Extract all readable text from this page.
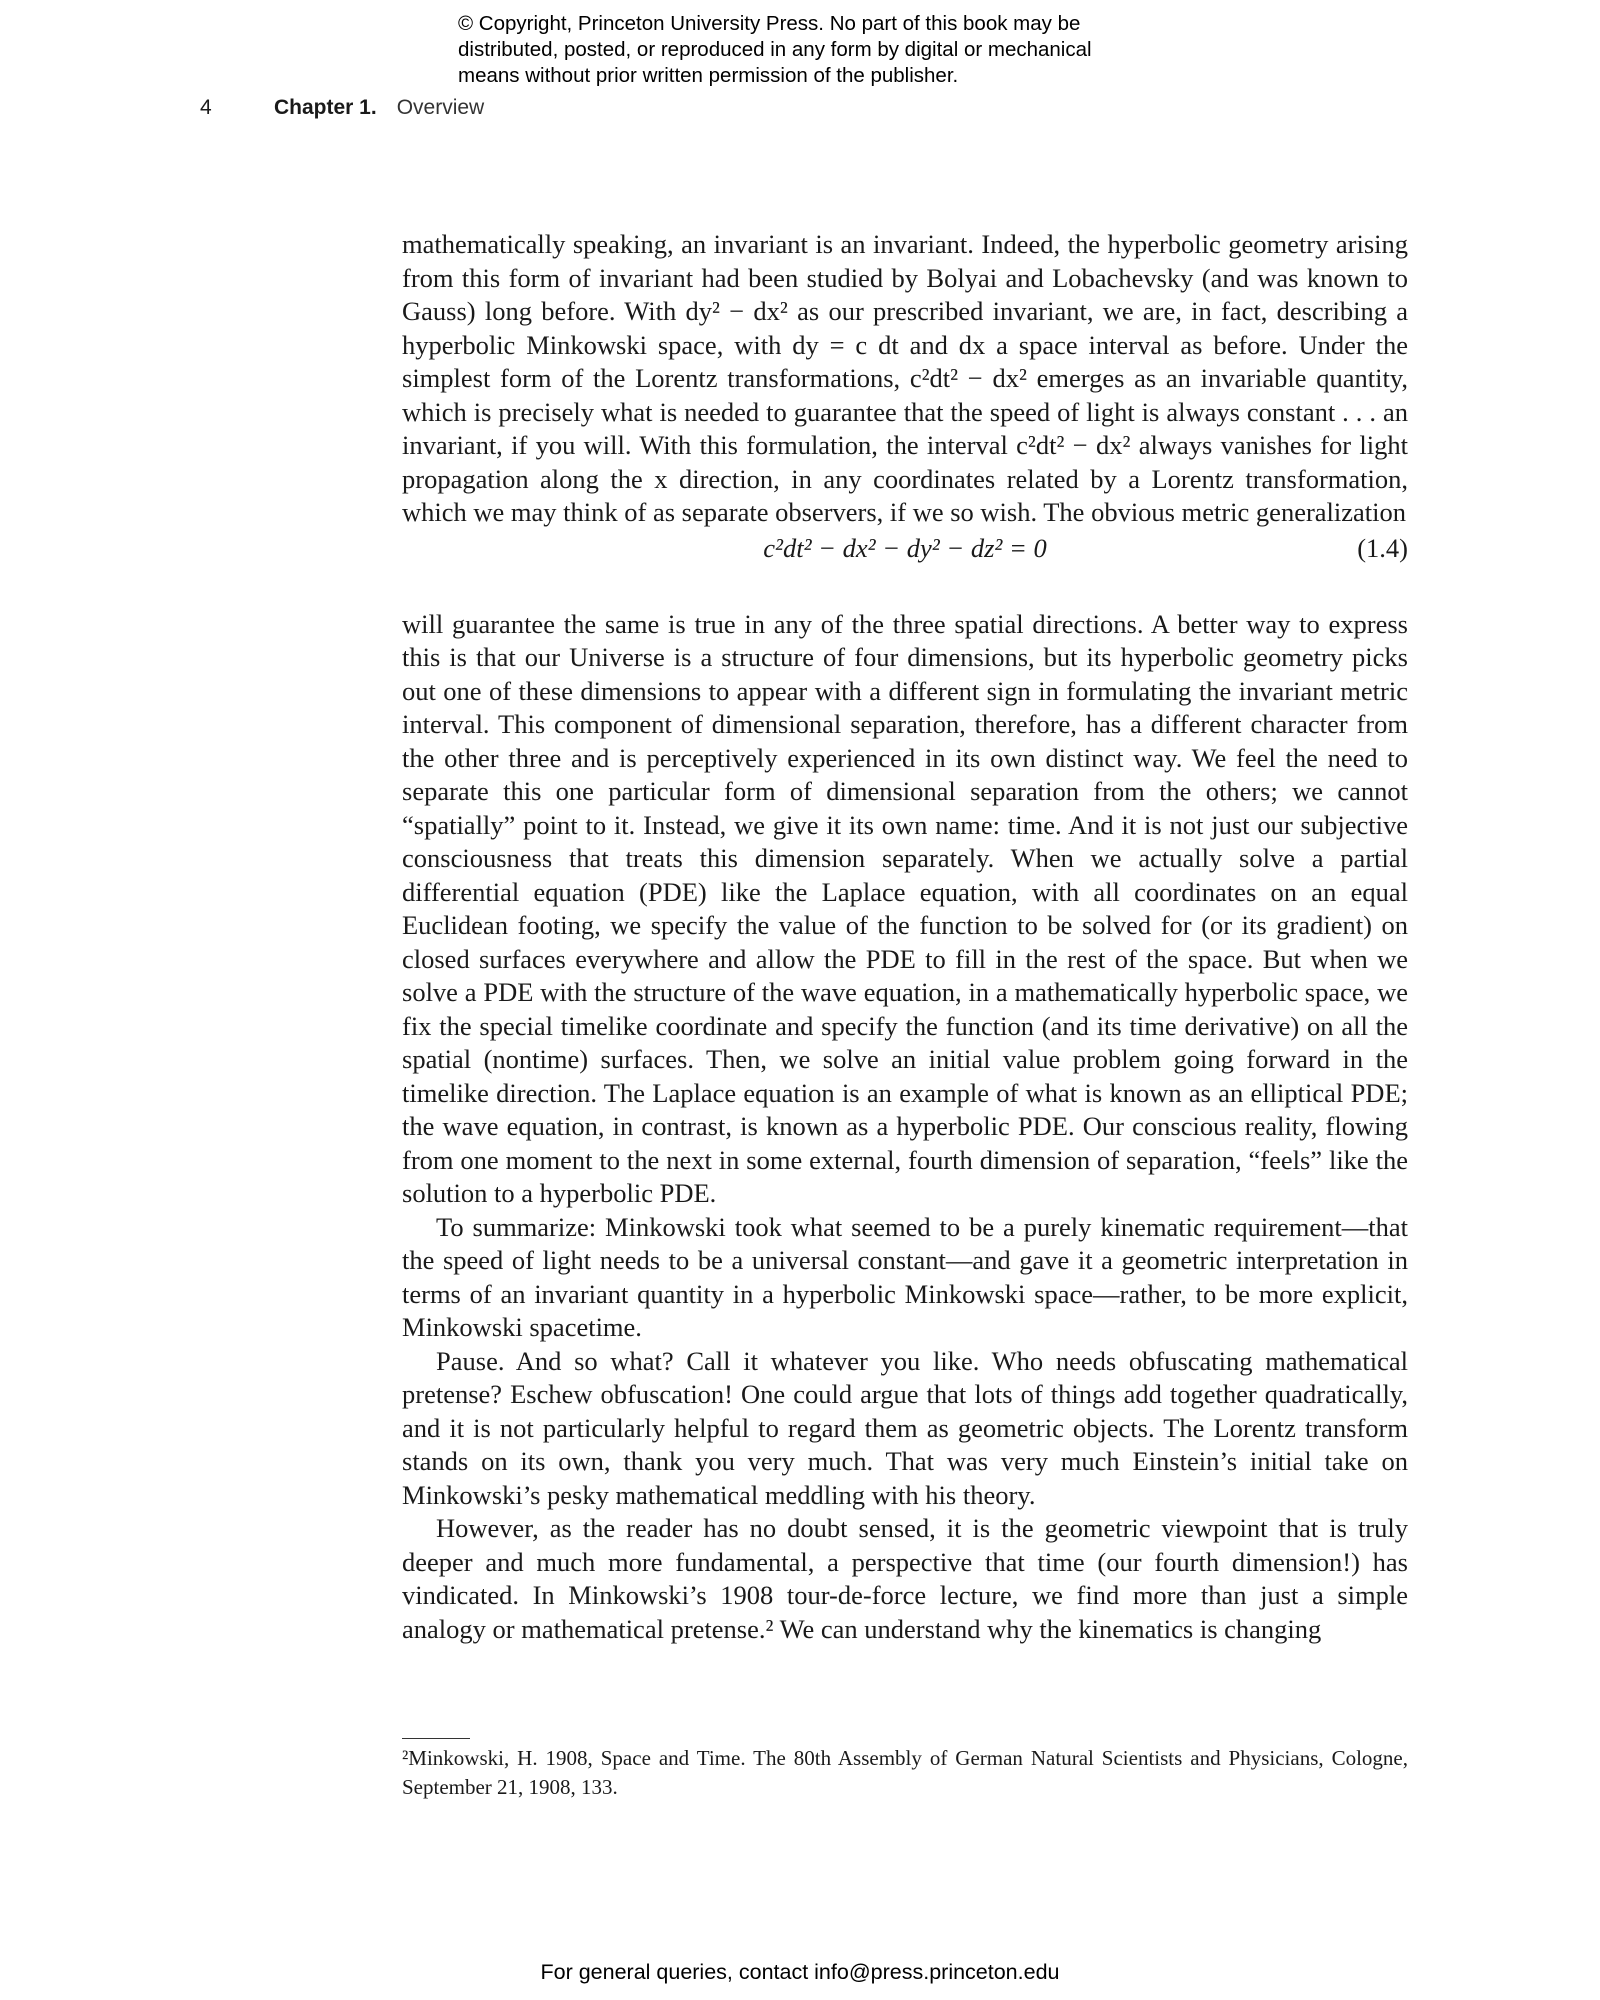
© Copyright, Princeton University Press. No part of this book may be
distributed, posted, or reproduced in any form by digital or mechanical
means without prior written permission of the publisher.
4	Chapter 1. Overview

mathematically speaking, an invariant is an invariant. Indeed, the hyperbolic geometry arising from this form of invariant had been studied by Bolyai and Lobachevsky (and was known to Gauss) long before. With dy² − dx² as our prescribed invariant, we are, in fact, describing a hyperbolic Minkowski space, with dy = c dt and dx a space interval as before. Under the simplest form of the Lorentz transformations, c²dt² − dx² emerges as an invariable quantity, which is precisely what is needed to guarantee that the speed of light is always constant . . . an invariant, if you will. With this formulation, the interval c²dt² − dx² always vanishes for light propagation along the x direction, in any coordinates related by a Lorentz transformation, which we may think of as separate observers, if we so wish. The obvious metric generalization

c²dt² − dx² − dy² − dz² = 0	(1.4)

will guarantee the same is true in any of the three spatial directions. A better way to express this is that our Universe is a structure of four dimensions, but its hyperbolic geometry picks out one of these dimensions to appear with a different sign in formulating the invariant metric interval. This component of dimensional separation, therefore, has a different character from the other three and is perceptively experienced in its own distinct way. We feel the need to separate this one particular form of dimensional separation from the others; we cannot “spatially” point to it. Instead, we give it its own name: time. And it is not just our subjective consciousness that treats this dimension separately. When we actually solve a partial differential equation (PDE) like the Laplace equation, with all coordinates on an equal Euclidean footing, we specify the value of the function to be solved for (or its gradient) on closed surfaces everywhere and allow the PDE to fill in the rest of the space. But when we solve a PDE with the structure of the wave equation, in a mathematically hyperbolic space, we fix the special timelike coordinate and specify the function (and its time derivative) on all the spatial (nontime) surfaces. Then, we solve an initial value problem going forward in the timelike direction. The Laplace equation is an example of what is known as an elliptical PDE; the wave equation, in contrast, is known as a hyperbolic PDE. Our conscious reality, flowing from one moment to the next in some external, fourth dimension of separation, “feels” like the solution to a hyperbolic PDE.

To summarize: Minkowski took what seemed to be a purely kinematic requirement—that the speed of light needs to be a universal constant—and gave it a geometric interpretation in terms of an invariant quantity in a hyperbolic Minkowski space—rather, to be more explicit, Minkowski spacetime.

Pause. And so what? Call it whatever you like. Who needs obfuscating mathematical pretense? Eschew obfuscation! One could argue that lots of things add together quadratically, and it is not particularly helpful to regard them as geometric objects. The Lorentz transform stands on its own, thank you very much. That was very much Einstein’s initial take on Minkowski’s pesky mathematical meddling with his theory.

However, as the reader has no doubt sensed, it is the geometric viewpoint that is truly deeper and much more fundamental, a perspective that time (our fourth dimension!) has vindicated. In Minkowski’s 1908 tour-de-force lecture, we find more than just a simple analogy or mathematical pretense.² We can understand why the kinematics is changing

²Minkowski, H. 1908, Space and Time. The 80th Assembly of German Natural Scientists and Physicians, Cologne, September 21, 1908, 133.
For general queries, contact info@press.princeton.edu
